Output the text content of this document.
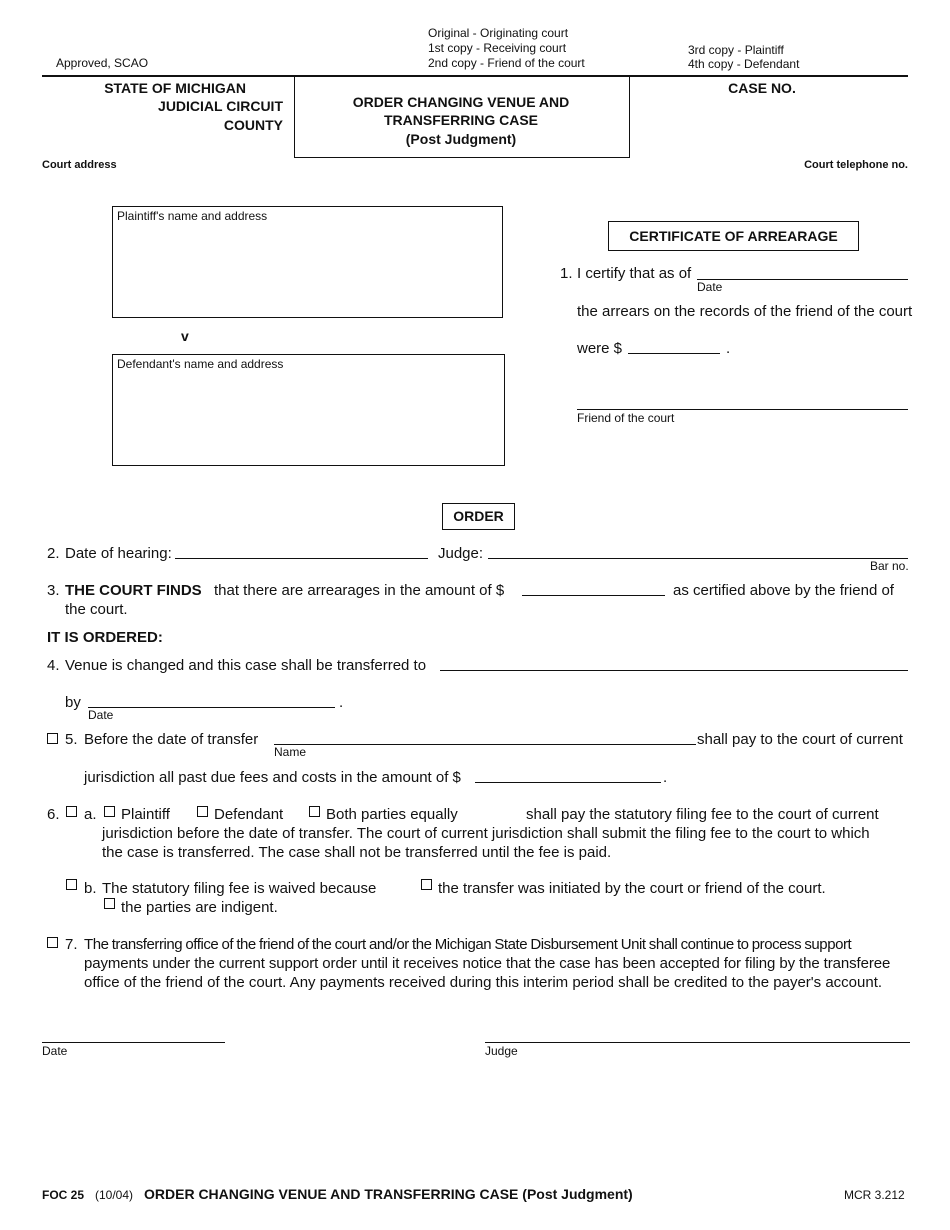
Approved, SCAO
Original - Originating court
1st copy - Receiving court
2nd copy - Friend of the court
3rd copy - Plaintiff
4th copy - Defendant
STATE OF MICHIGAN
JUDICIAL CIRCUIT
COUNTY
ORDER CHANGING VENUE AND
TRANSFERRING CASE
(Post Judgment)
CASE NO.
Court address	Court telephone no.
Plaintiff's name and address
v
Defendant's name and address
CERTIFICATE OF ARREARAGE
1. I certify that as of
Date
the arrears on the records of the friend of the court
were $	.
Friend of the court
ORDER
2. Date of hearing:	Judge:
Bar no.
3. THE COURT FINDS that there are arrearages in the amount of $	as certified above by the friend of
the court.
IT IS ORDERED:
4. Venue is changed and this case shall be transferred to
by
Date
.
5. Before the date of transfer
Name
shall pay to the court of current
jurisdiction all past due fees and costs in the amount of $	.
6. a. Plaintiff	Defendant	Both parties equally	shall pay the statutory filing fee to the court of current
jurisdiction before the date of transfer. The court of current jurisdiction shall submit the filing fee to the court to which
the case is transferred. The case shall not be transferred until the fee is paid.
b. The statutory filing fee is waived because	the transfer was initiated by the court or friend of the court.
the parties are indigent.
7. The transferring office of the friend of the court and/or the Michigan State Disbursement Unit shall continue to process support
payments under the current support order until it receives notice that the case has been accepted for filing by the transferee
office of the friend of the court. Any payments received during this interim period shall be credited to the payer's account.
Date	Judge
FOC 25 (10/04) ORDER CHANGING VENUE AND TRANSFERRING CASE (Post Judgment)	MCR 3.212
